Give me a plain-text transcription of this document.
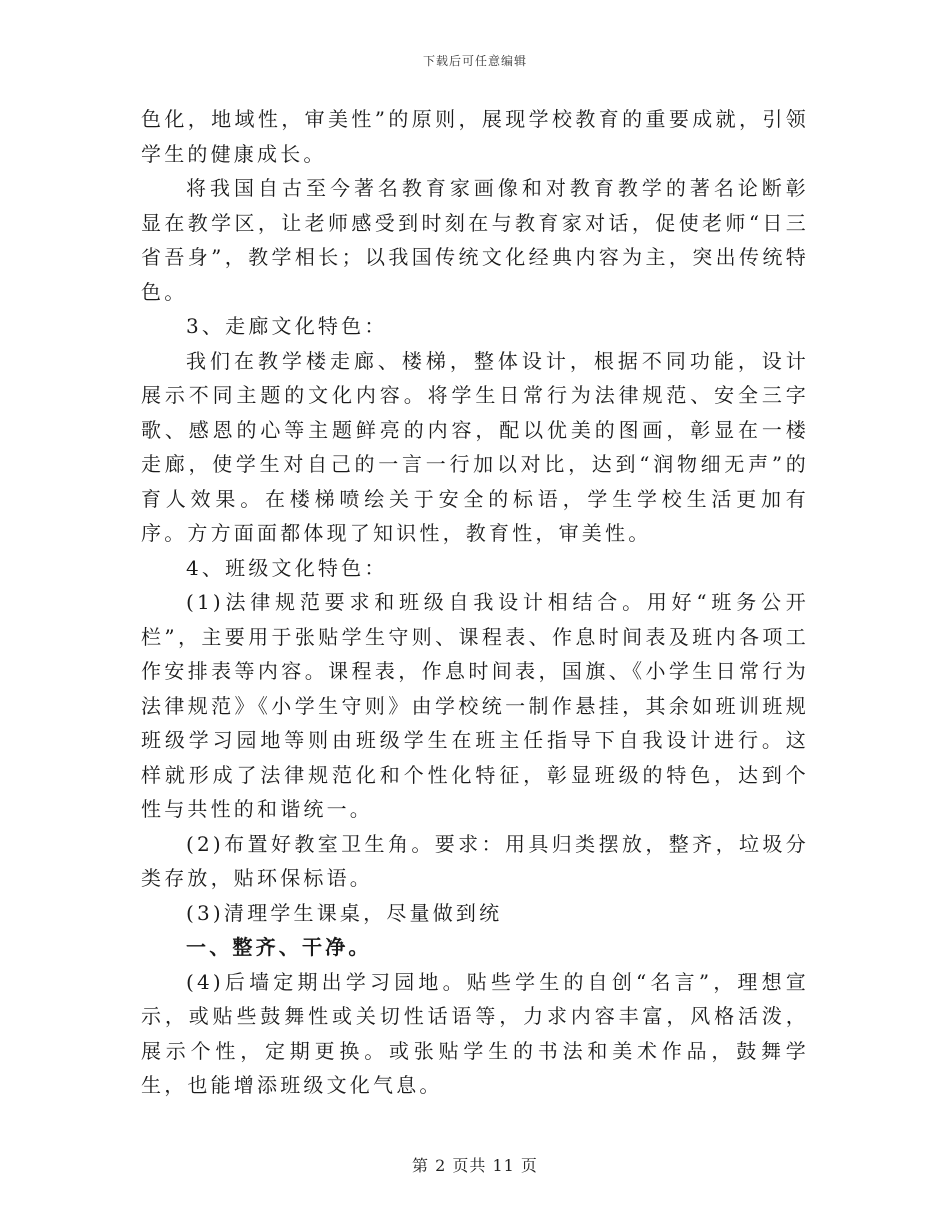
下载后可任意编辑

色化，地域性，审美性”的原则，展现学校教育的重要成就，引领学生的健康成长。

将我国自古至今著名教育家画像和对教育教学的著名论断彰显在教学区，让老师感受到时刻在与教育家对话，促使老师“日三省吾身”，教学相长；以我国传统文化经典内容为主，突出传统特色。

3、走廊文化特色：

我们在教学楼走廊、楼梯，整体设计，根据不同功能，设计展示不同主题的文化内容。将学生日常行为法律规范、安全三字歌、感恩的心等主题鲜亮的内容，配以优美的图画，彰显在一楼走廊，使学生对自己的一言一行加以对比，达到“润物细无声”的育人效果。在楼梯喷绘关于安全的标语，学生学校生活更加有序。方方面面都体现了知识性，教育性，审美性。

4、班级文化特色：

(1)法律规范要求和班级自我设计相结合。用好“班务公开栏”，主要用于张贴学生守则、课程表、作息时间表及班内各项工作安排表等内容。课程表，作息时间表，国旗、《小学生日常行为法律规范》《小学生守则》由学校统一制作悬挂，其余如班训班规班级学习园地等则由班级学生在班主任指导下自我设计进行。这样就形成了法律规范化和个性化特征，彰显班级的特色，达到个性与共性的和谐统一。

(2)布置好教室卫生角。要求：用具归类摆放，整齐，垃圾分类存放，贴环保标语。

(3)清理学生课桌，尽量做到统

一、整齐、干净。

(4)后墙定期出学习园地。贴些学生的自创“名言”，理想宣示，或贴些鼓舞性或关切性话语等，力求内容丰富，风格活泼，展示个性，定期更换。或张贴学生的书法和美术作品，鼓舞学生，也能增添班级文化气息。

第 2 页共 11 页
